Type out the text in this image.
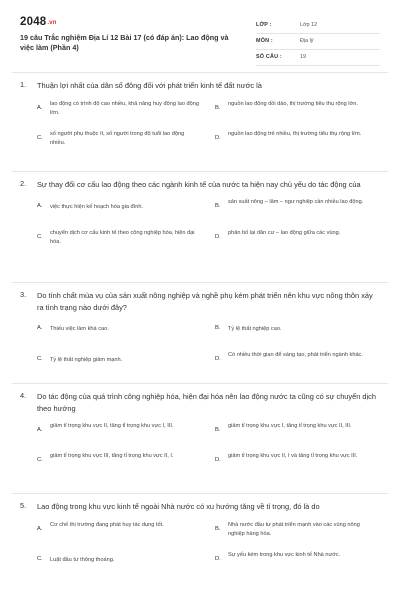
2048.vn
19 câu Trắc nghiệm Địa Lí 12 Bài 17 (có đáp án): Lao động và việc làm (Phần 4)
LỚP :	Lớp 12
MÔN :	Địa lý
SỐ CÂU :	19
1. Thuận lợi nhất của dân số đông đối với phát triển kinh tế đất nước là
A.
lao động có trình độ cao nhiều, khả năng huy động lao động lớn.
B.
nguồn lao động dồi dào, thị trường tiêu thụ rộng lớn.
C.
số người phụ thuộc ít, số người trong độ tuổi lao động nhiều.
D.
nguồn lao động trẻ nhiều, thị trường tiêu thụ rộng lớn.
2. Sự thay đổi cơ cấu lao động theo các ngành kinh tế của nước ta hiện nay chủ yếu do tác động của
A. việc thực hiện kế hoạch hóa gia đình.	B.
sản xuất nông – lâm – ngư nghiệp cần nhiều lao động.
C.
chuyển dịch cơ cấu kinh tế theo công nghiệp hóa, hiện đại hóa.
D.
phân bố lại dân cư – lao động giữa các vùng.
3. Do tính chất mùa vụ của sản xuất nông nghiệp và nghề phụ kém phát triển nên khu vực nông thôn xảy ra tình trạng nào dưới đây?
A. Thiếu việc làm khá cao.	B. Tỷ lệ thất nghiệp cao.
C. Tỷ lệ thất nghiệp giảm mạnh.	D.
Có nhiều thời gian để sáng tạo, phát triển ngành khác.
4. Do tác động của quá trình công nghiệp hóa, hiện đại hóa nên lao động nước ta cũng có sự chuyển dịch theo hướng
A.
giảm tỉ trọng khu vực II, tăng tỉ trọng khu vực I, III.
B.
giảm tỉ trọng khu vực I, tăng tỉ trọng khu vực II, III.
C.
giảm tỉ trọng khu vực III, tăng tỉ trọng khu vực II, I.
D.
giảm tỉ trọng khu vực II, I và tăng tỉ trọng khu vực III.
5. Lao động trong khu vực kinh tế ngoài Nhà nước có xu hướng tăng về tỉ trọng, đó là do
A.
Cơ chế thị trường đang phát huy tác dụng tốt.
B.
Nhà nước đầu tư phát triển mạnh vào các vùng nông nghiệp hàng hóa.
C. Luật đầu tư thông thoáng.	D.
Sự yếu kém trong khu vực kinh tế Nhà nước.
